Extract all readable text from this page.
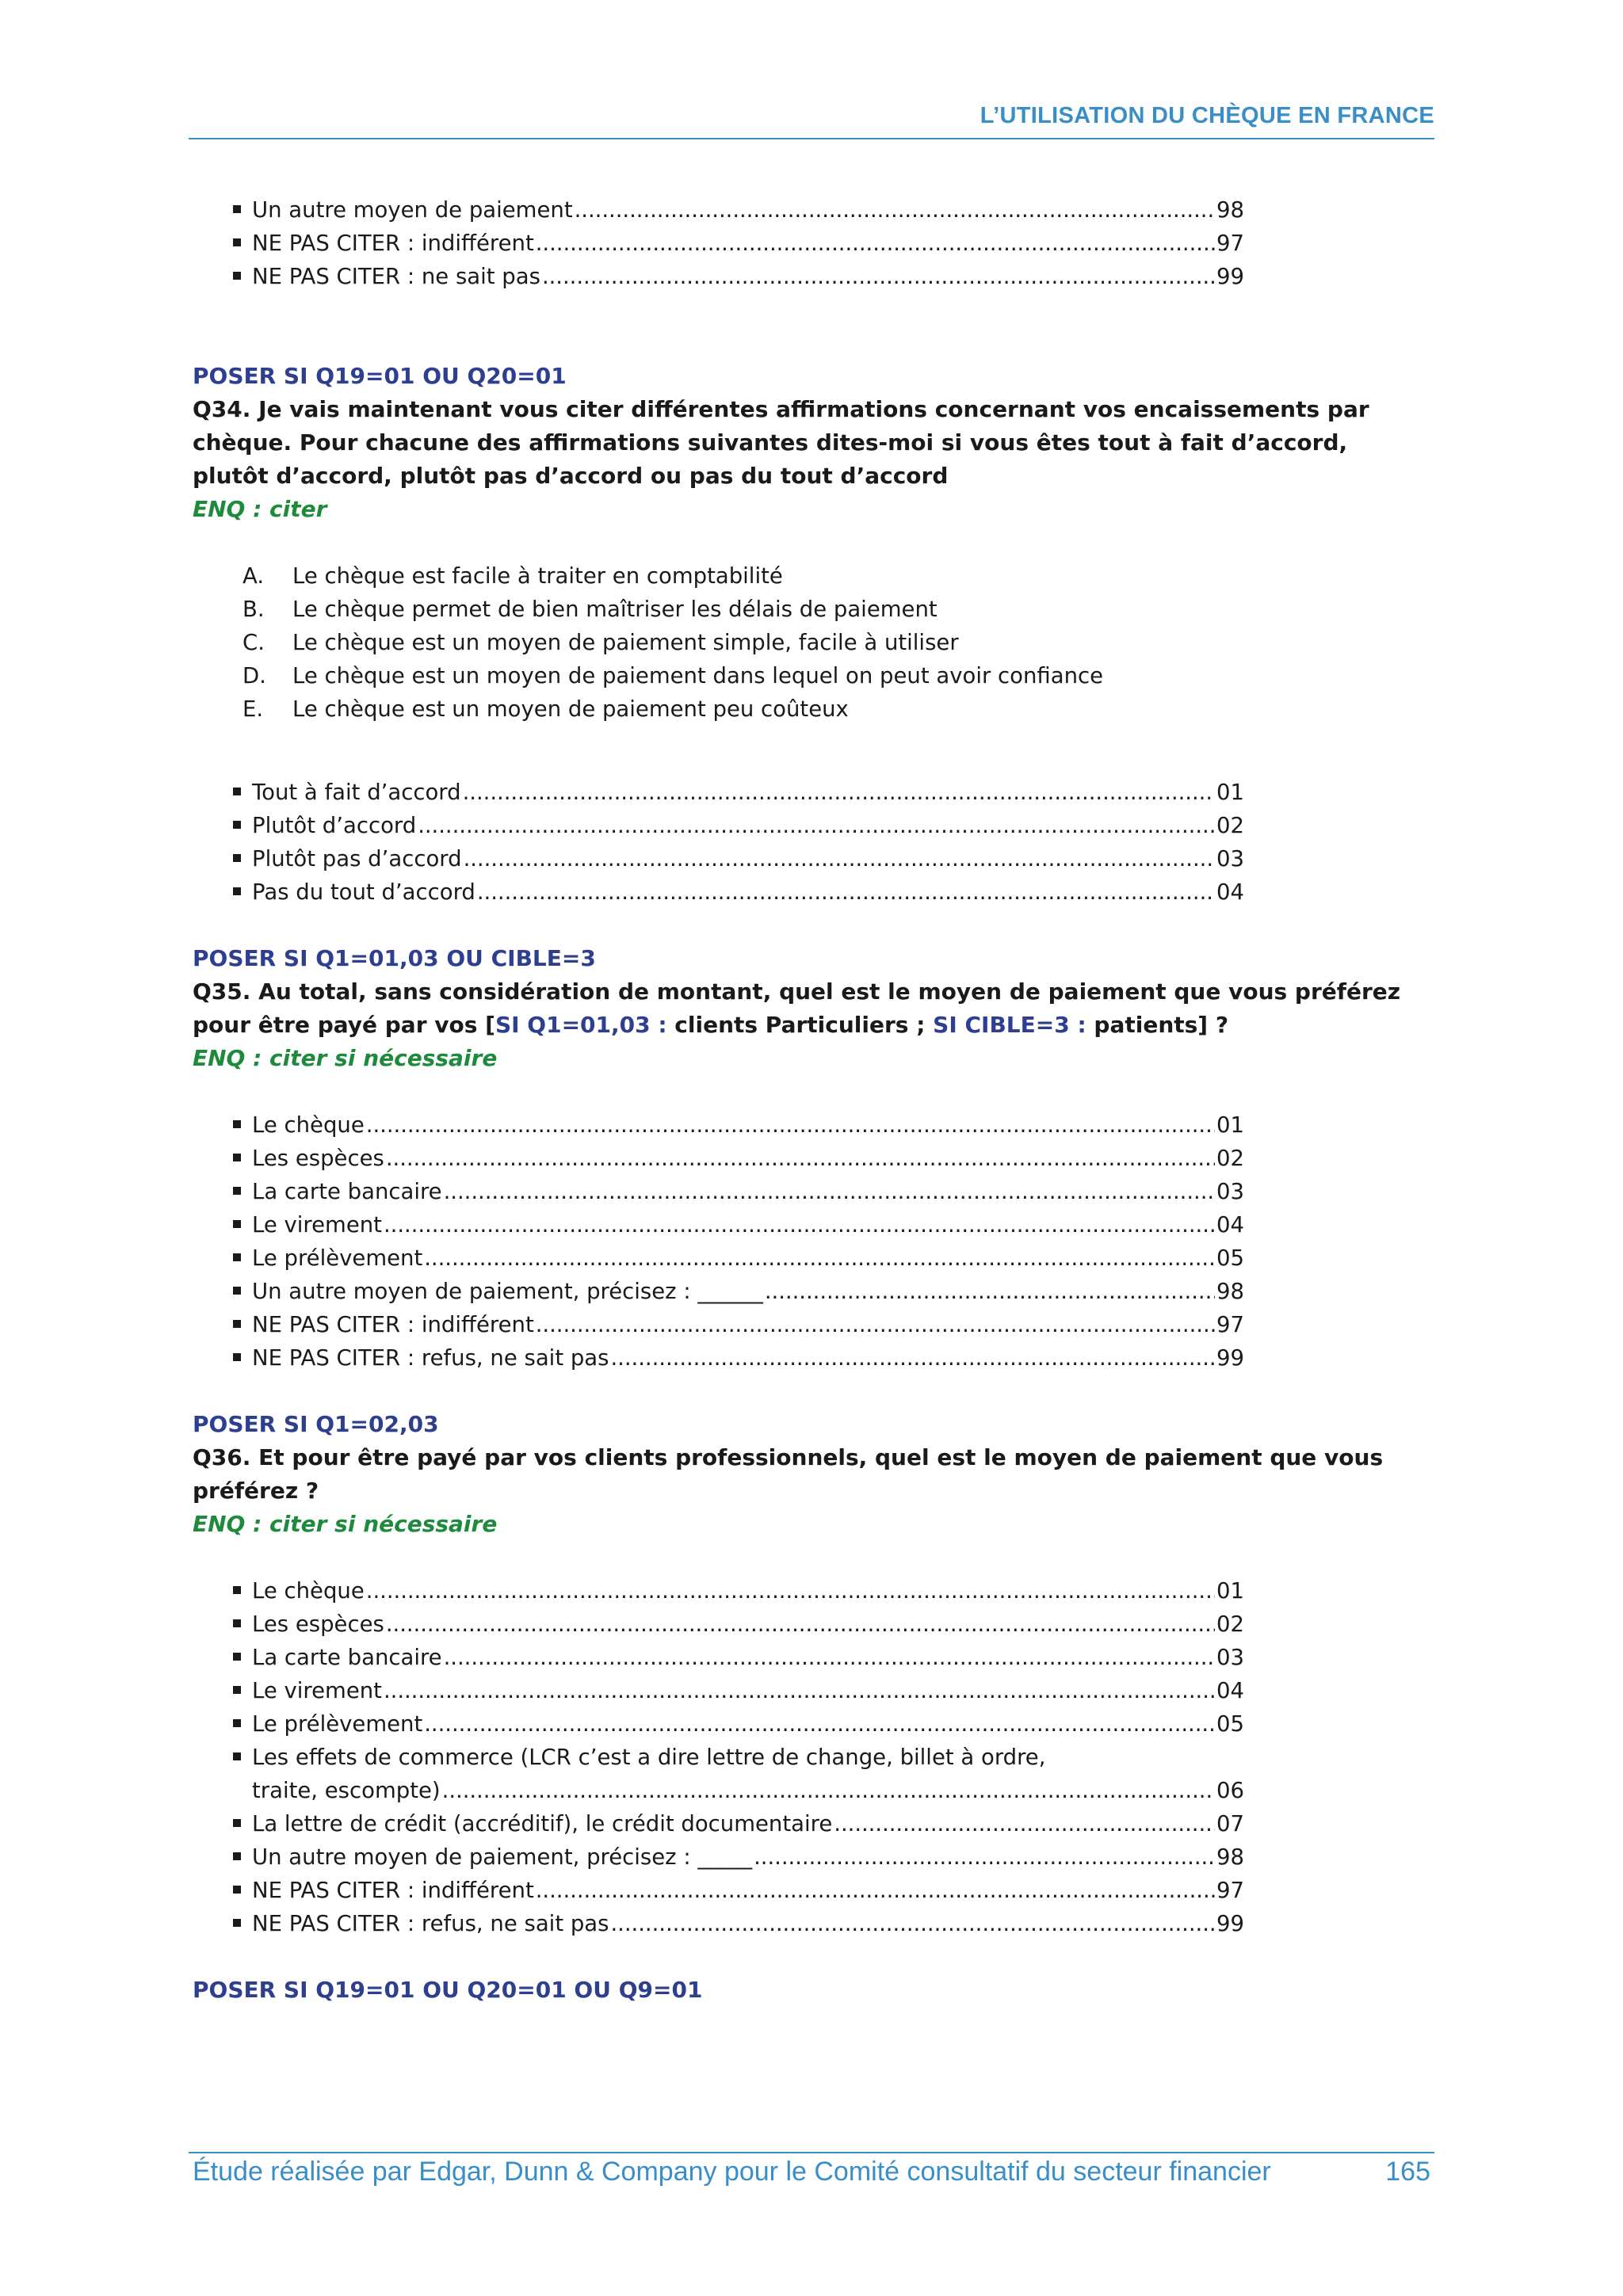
L’UTILISATION DU CHÈQUE EN FRANCE
Un autre moyen de paiement . . .	98
NE PAS CITER : indifférent . . .	97
NE PAS CITER : ne sait pas . . .	99
POSER SI Q19=01 OU Q20=01
Q34. Je vais maintenant vous citer différentes affirmations concernant vos encaissements par chèque. Pour chacune des affirmations suivantes dites-moi si vous êtes tout à fait d’accord, plutôt d’accord, plutôt pas d’accord ou pas du tout d’accord
ENQ : citer
A.	Le chèque est facile à traiter en comptabilité
B.	Le chèque permet de bien maîtriser les délais de paiement
C.	Le chèque est un moyen de paiement simple, facile à utiliser
D.	Le chèque est un moyen de paiement dans lequel on peut avoir confiance
E.	Le chèque est un moyen de paiement peu coûteux
Tout à fait d’accord . . .	01
Plutôt d’accord . . .	02
Plutôt pas d’accord . . .	03
Pas du tout d’accord . . .	04
POSER SI Q1=01,03 OU CIBLE=3
Q35. Au total, sans considération de montant, quel est le moyen de paiement que vous préférez pour être payé par vos [SI Q1=01,03 : clients Particuliers ; SI CIBLE=3 : patients] ?
ENQ : citer si nécessaire
Le chèque . . .	01
Les espèces . . .	02
La carte bancaire . . .	03
Le virement . . .	04
Le prélèvement . . .	05
Un autre moyen de paiement, précisez : ______ . . .	98
NE PAS CITER : indifférent . . .	97
NE PAS CITER : refus, ne sait pas . . .	99
POSER SI Q1=02,03
Q36. Et pour être payé par vos clients professionnels, quel est le moyen de paiement que vous préférez ?
ENQ : citer si nécessaire
Le chèque . . .	01
Les espèces . . .	02
La carte bancaire . . .	03
Le virement . . .	04
Le prélèvement . . .	05
Les effets de commerce (LCR c’est a dire lettre de change, billet à ordre,
traite, escompte) . . .	06
La lettre de crédit (accréditif), le crédit documentaire . . .	07
Un autre moyen de paiement, précisez : _____ . . .	98
NE PAS CITER : indifférent . . .	97
NE PAS CITER : refus, ne sait pas . . .	99
POSER SI Q19=01 OU Q20=01 OU Q9=01
Étude réalisée par Edgar, Dunn & Company pour le Comité consultatif du secteur financier	165
